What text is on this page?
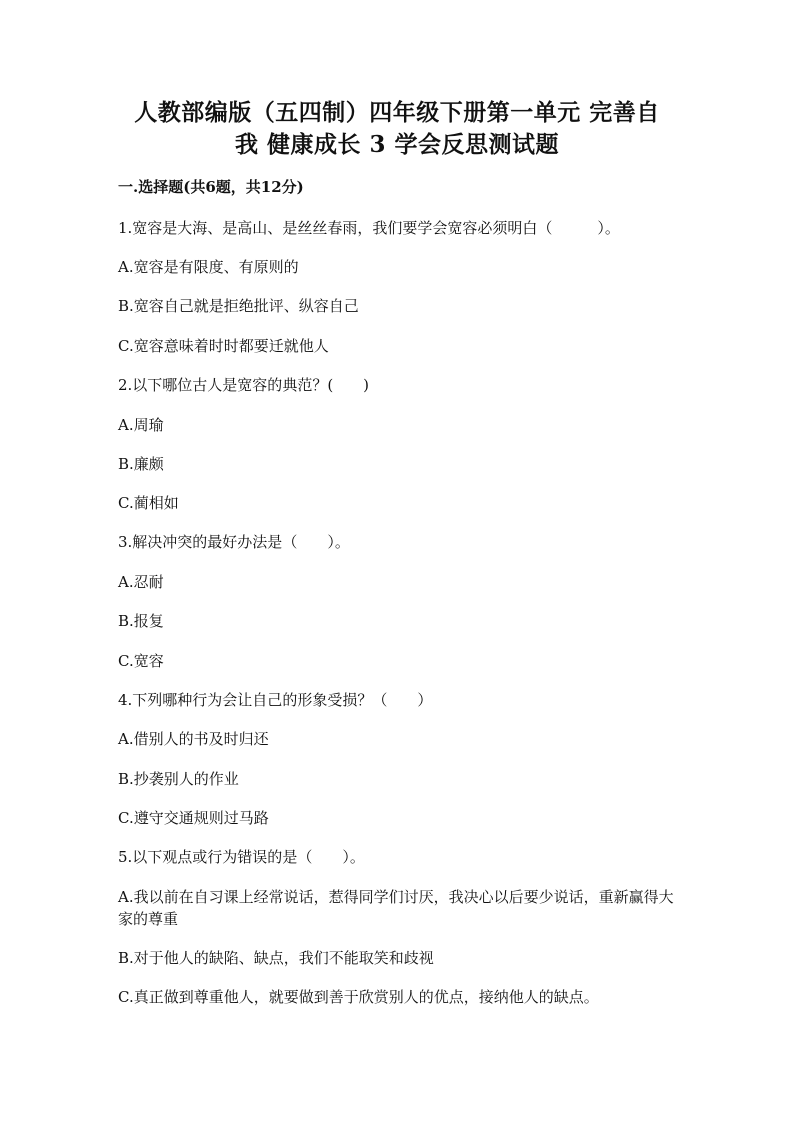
人教部编版（五四制）四年级下册第一单元 完善自
我 健康成长 3 学会反思测试题
一.选择题(共6题，共12分)
1.宽容是大海、是高山、是丝丝春雨，我们要学会宽容必须明白（　　　）。
A.宽容是有限度、有原则的
B.宽容自己就是拒绝批评、纵容自己
C.宽容意味着时时都要迁就他人
2.以下哪位古人是宽容的典范？(　　)
A.周瑜
B.廉颇
C.蔺相如
3.解决冲突的最好办法是（　　）。
A.忍耐
B.报复
C.宽容
4.下列哪种行为会让自己的形象受损？（　　）
A.借别人的书及时归还
B.抄袭别人的作业
C.遵守交通规则过马路
5.以下观点或行为错误的是（　　）。
A.我以前在自习课上经常说话，惹得同学们讨厌，我决心以后要少说话，重新赢得大家的尊重
B.对于他人的缺陷、缺点，我们不能取笑和歧视
C.真正做到尊重他人，就要做到善于欣赏别人的优点，接纳他人的缺点。
